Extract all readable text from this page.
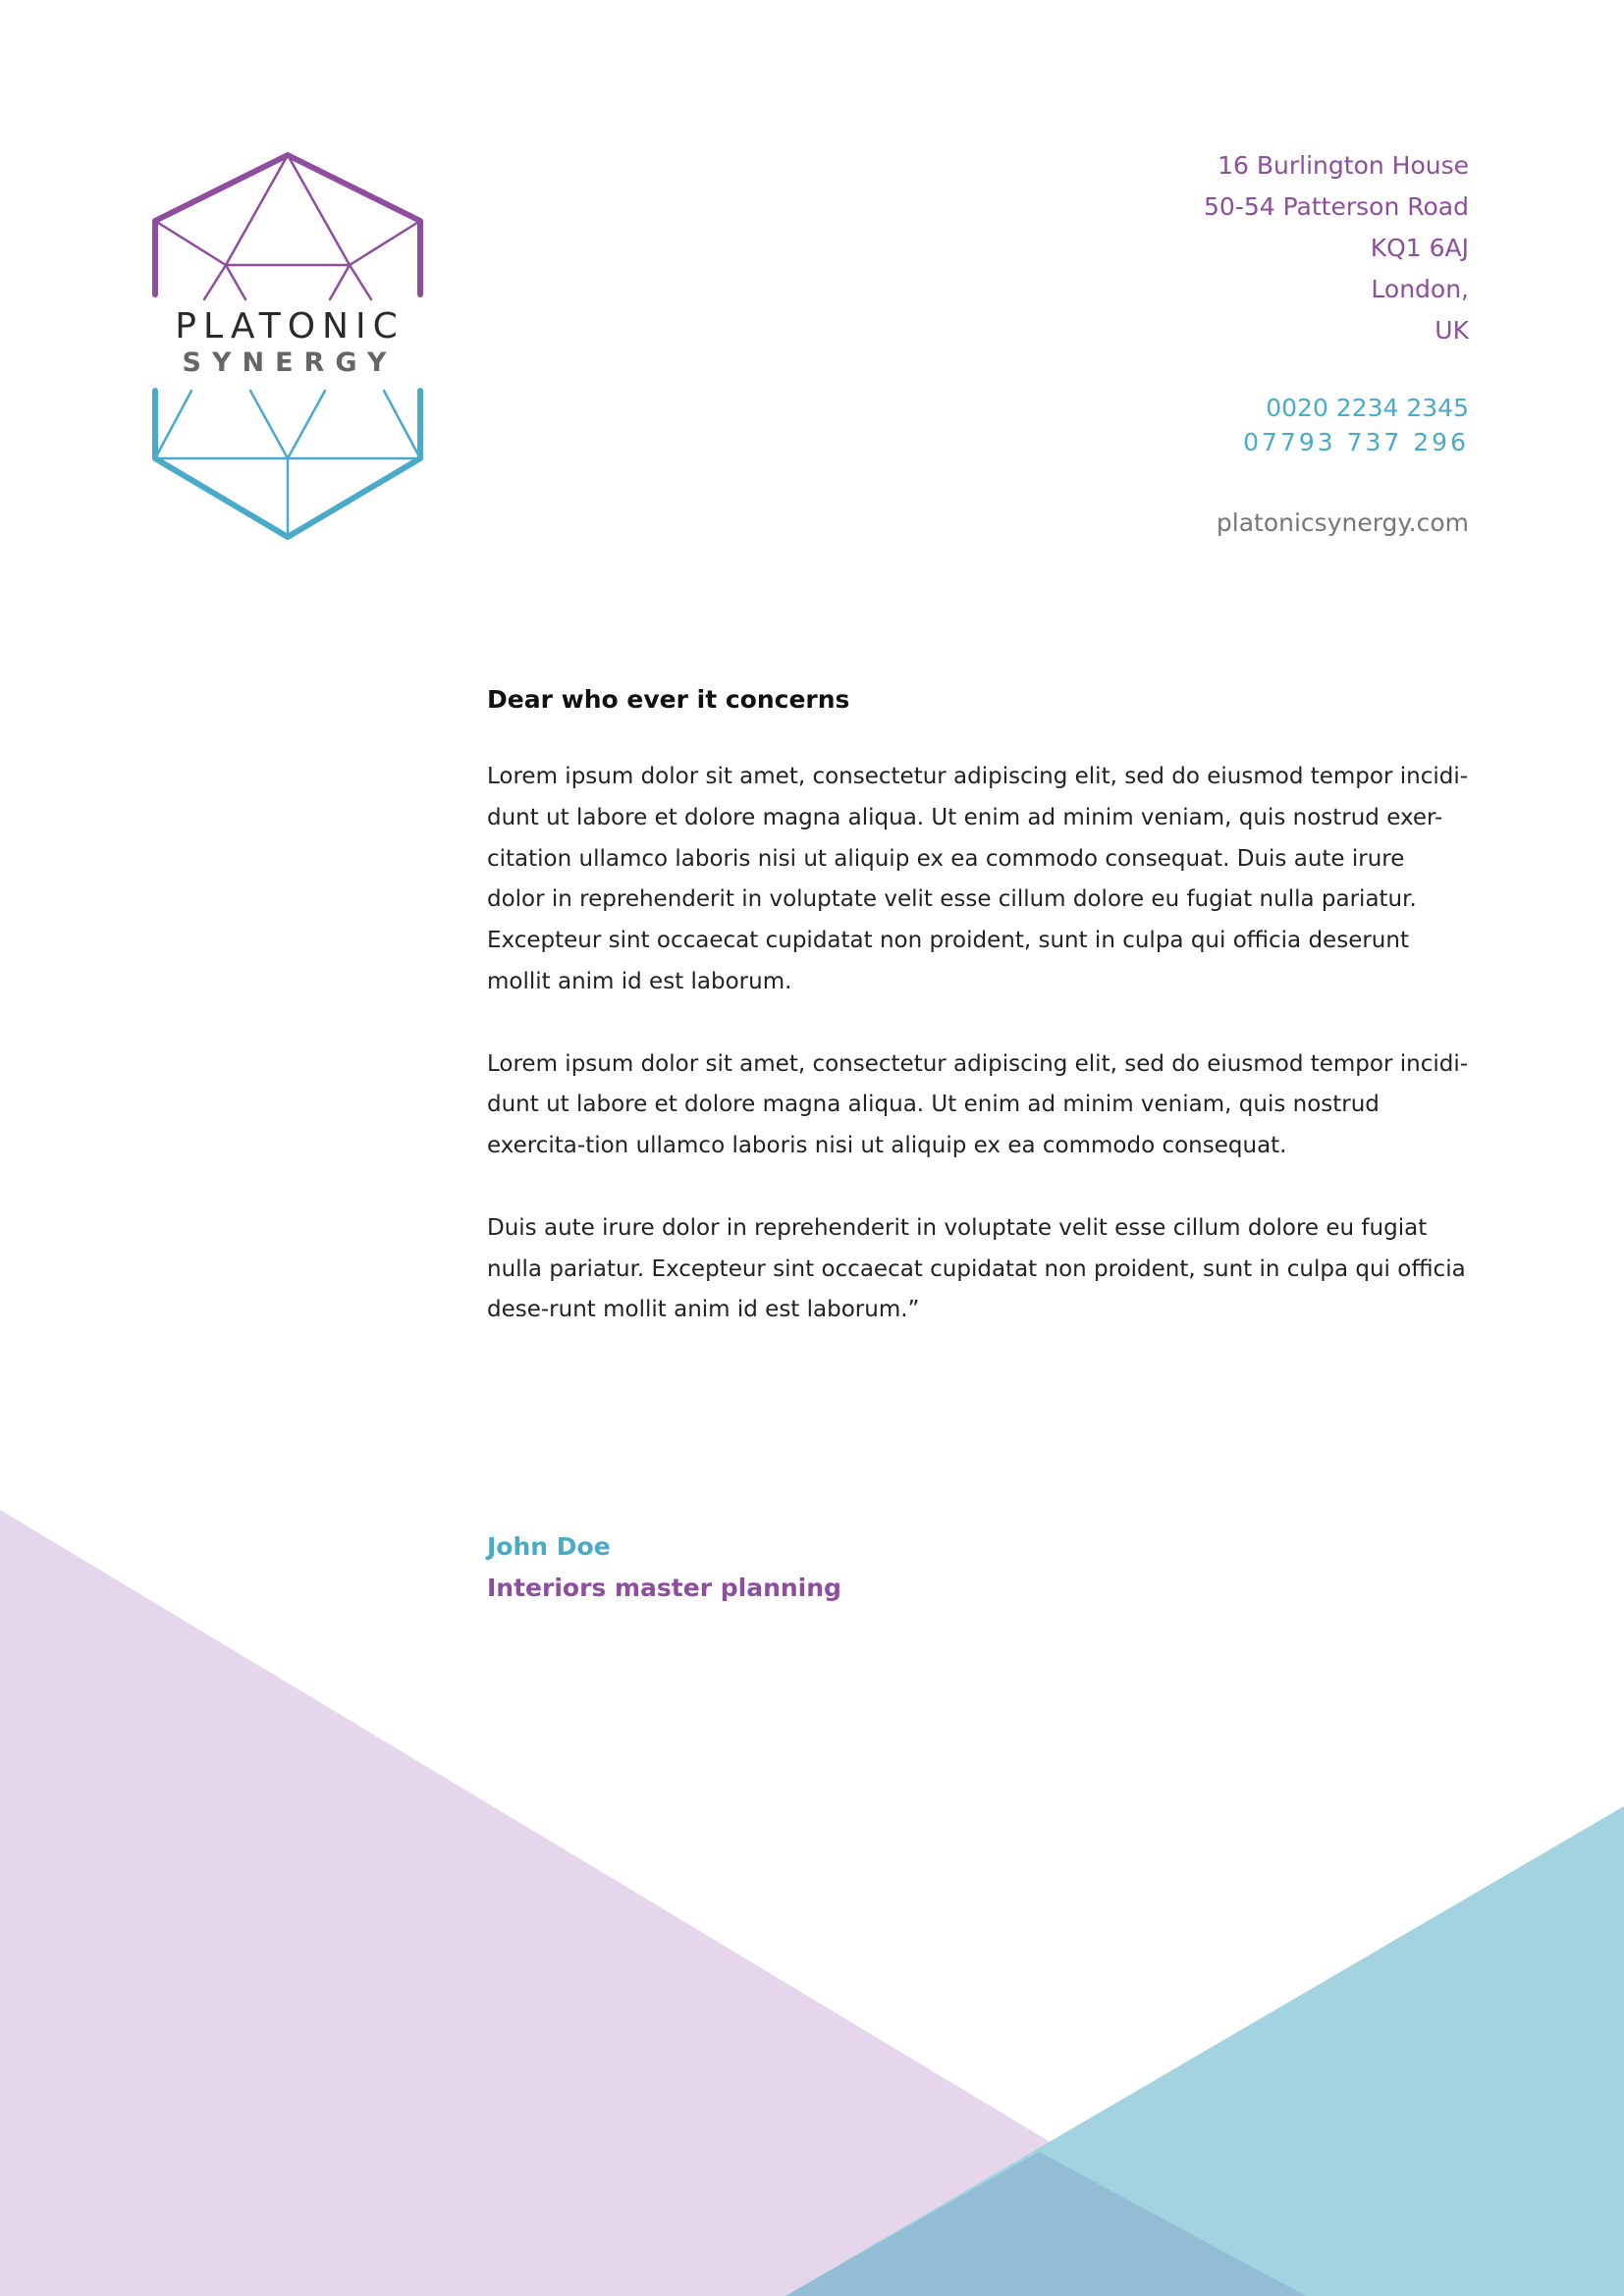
PLATONIC
SYNERGY
16 Burlington House
50-54 Patterson Road
KQ1 6AJ
London,
UK
0020 2234 2345
07793 737 296
platonicsynergy.com
Dear who ever it concerns

Lorem ipsum dolor sit amet, consectetur adipiscing elit, sed do eiusmod tempor incidi-dunt ut labore et dolore magna aliqua. Ut enim ad minim veniam, quis nostrud exer-citation ullamco laboris nisi ut aliquip ex ea commodo consequat. Duis aute irure dolor in reprehenderit in voluptate velit esse cillum dolore eu fugiat nulla pariatur. Excepteur sint occaecat cupidatat non proident, sunt in culpa qui officia deserunt mollit anim id est laborum.

Lorem ipsum dolor sit amet, consectetur adipiscing elit, sed do eiusmod tempor incidi-dunt ut labore et dolore magna aliqua. Ut enim ad minim veniam, quis nostrud exercita-tion ullamco laboris nisi ut aliquip ex ea commodo consequat.

Duis aute irure dolor in reprehenderit in voluptate velit esse cillum dolore eu fugiat nulla pariatur. Excepteur sint occaecat cupidatat non proident, sunt in culpa qui officia dese-runt mollit anim id est laborum.”

John Doe
Interiors master planning
